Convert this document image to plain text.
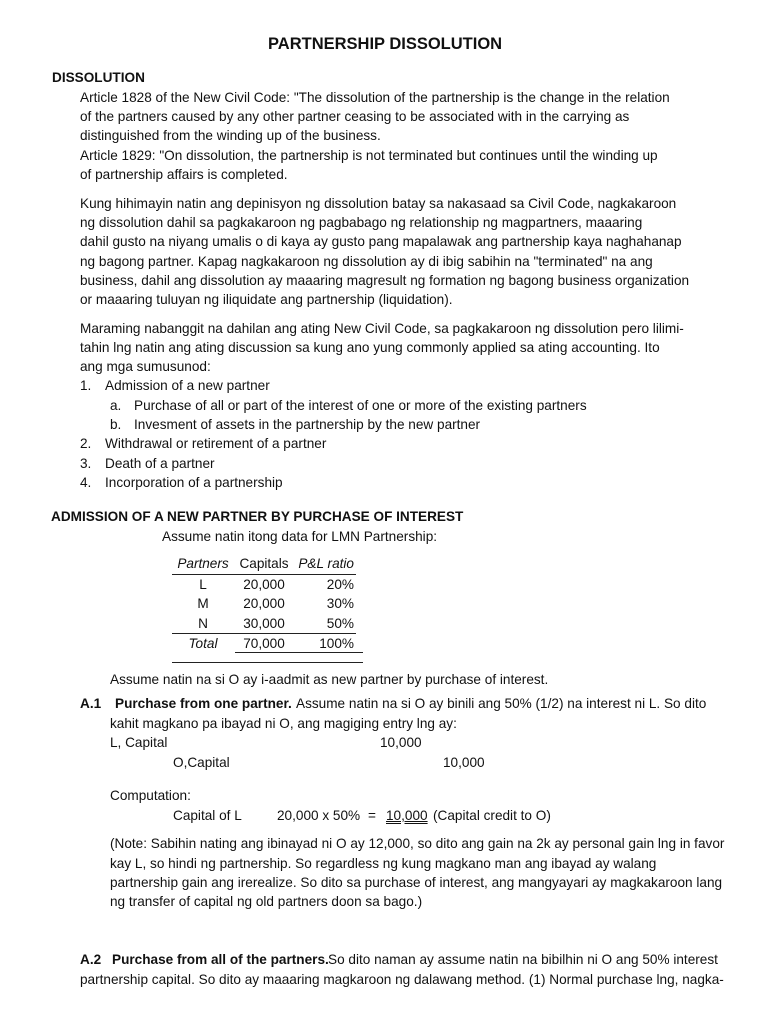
PARTNERSHIP DISSOLUTION
DISSOLUTION
Article 1828 of the New Civil Code: "The dissolution of the partnership is the change in the relation
of the partners caused by any other partner ceasing to be associated with in the carrying as
distinguished from the winding up of the business.
Article 1829: "On dissolution, the partnership is not terminated but continues until the winding up
of partnership affairs is completed.
Kung hihimayin natin ang depinisyon ng dissolution batay sa nakasaad sa Civil Code, nagkakaroon
ng dissolution dahil sa pagkakaroon ng pagbabago ng relationship ng magpartners, maaaring
dahil gusto na niyang umalis o di kaya ay gusto pang mapalawak ang partnership kaya naghahanap
ng bagong partner. Kapag nagkakaroon ng dissolution ay di ibig sabihin na "terminated" na ang
business, dahil ang dissolution ay maaaring magresult ng formation ng bagong business organization
or maaaring tuluyan ng iliquidate ang partnership (liquidation).
Maraming nabanggit na dahilan ang ating New Civil Code, sa pagkakaroon ng dissolution pero lilimi-
tahin lng natin ang ating discussion sa kung ano yung commonly applied sa ating accounting. Ito
ang mga sumusunod:
1. Admission of a new partner
a. Purchase of all or part of the interest of one or more of the existing partners
b. Invesment of assets in the partnership by the new partner
2. Withdrawal or retirement of a partner
3. Death of a partner
4. Incorporation of a partnership
ADMISSION OF A NEW PARTNER BY PURCHASE OF INTEREST
Assume natin itong data for LMN Partnership:
Partners	Capitals	P&L ratio
L	20,000	20%
M	20,000	30%
N	30,000	50%
Total	70,000	100%
Assume natin na si O ay i-aadmit as new partner by purchase of interest.
A.1 Purchase from one partner. Assume natin na si O ay binili ang 50% (1/2) na interest ni L. So dito
kahit magkano pa ibayad ni O, ang magiging entry lng ay:
L, Capital	10,000
O,Capital	10,000
Computation:
Capital of L	20,000 x 50% = 10,000 (Capital credit to O)
(Note: Sabihin nating ang ibinayad ni O ay 12,000, so dito ang gain na 2k ay personal gain lng in favor
kay L, so hindi ng partnership. So regardless ng kung magkano man ang ibayad ay walang
partnership gain ang irerealize. So dito sa purchase of interest, ang mangyayari ay magkakaroon lang
ng transfer of capital ng old partners doon sa bago.)
A.2 Purchase from all of the partners. So dito naman ay assume natin na bibilhin ni O ang 50% interest
partnership capital. So dito ay maaaring magkaroon ng dalawang method. (1) Normal purchase lng, nagka-
